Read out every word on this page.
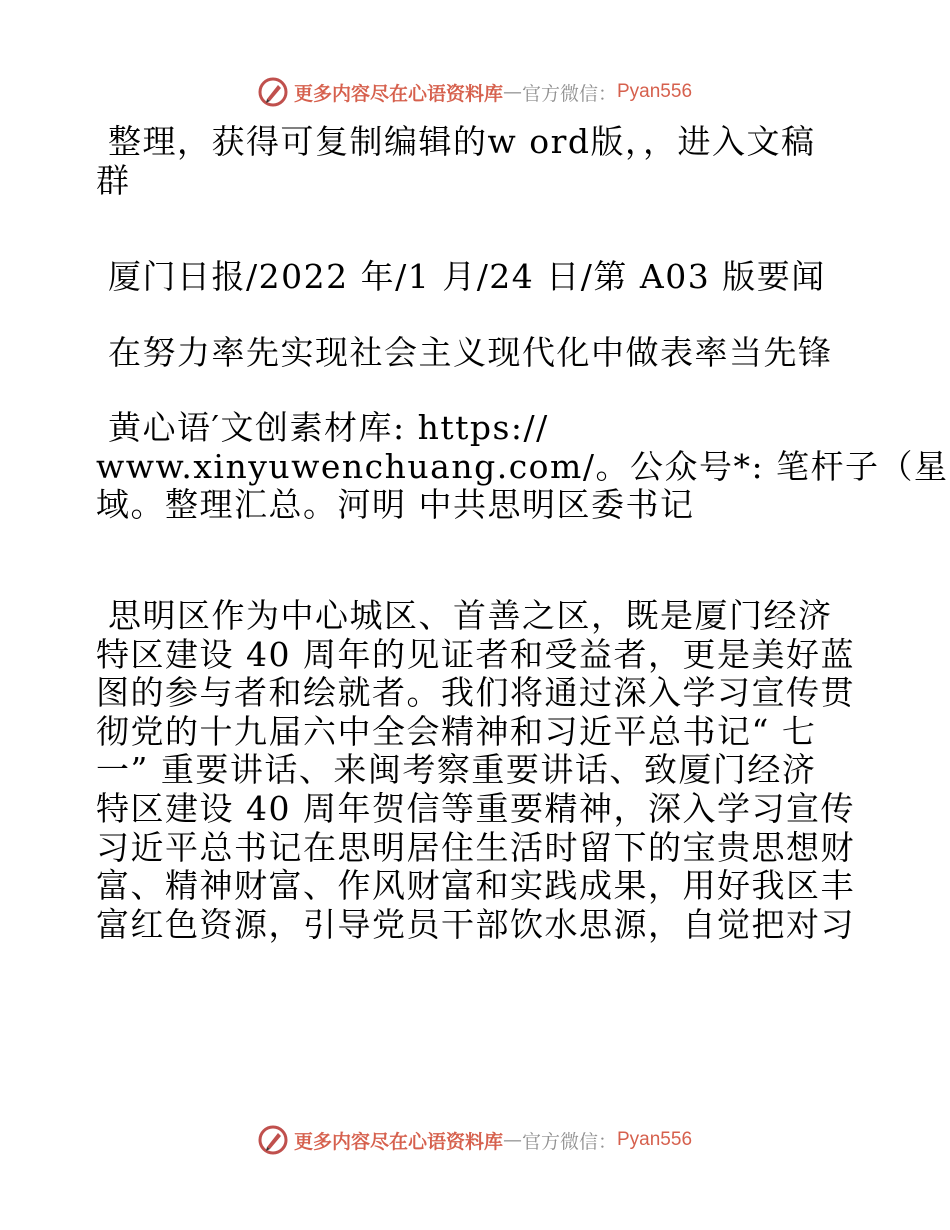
更多内容尽在心语资料库 — 官方微信： Pyan556
整理，获得可复制编辑的w ord版，，进入文稿
群
厦门日报/2022 年/1 月/24 日/第 A03 版要闻
在努力率先实现社会主义现代化中做表率当先锋
黄心语′文创素材库: https://
www.xinyuwenchuang.com/。公众号*: 笔杆子（星
域。整理汇总。河明 中共思明区委书记
思明区作为中心城区、首善之区，既是厦门经济
特区建设 40 周年的见证者和受益者，更是美好蓝
图的参与者和绘就者。我们将通过深入学习宣传贯
彻党的十九届六中全会精神和习近平总书记“ 七
一” 重要讲话、来闽考察重要讲话、致厦门经济
特区建设 40 周年贺信等重要精神，深入学习宣传
习近平总书记在思明居住生活时留下的宝贵思想财
富、精神财富、作风财富和实践成果，用好我区丰
富红色资源，引导党员干部饮水思源，自觉把对习
更多内容尽在心语资料库 — 官方微信： Pyan556
